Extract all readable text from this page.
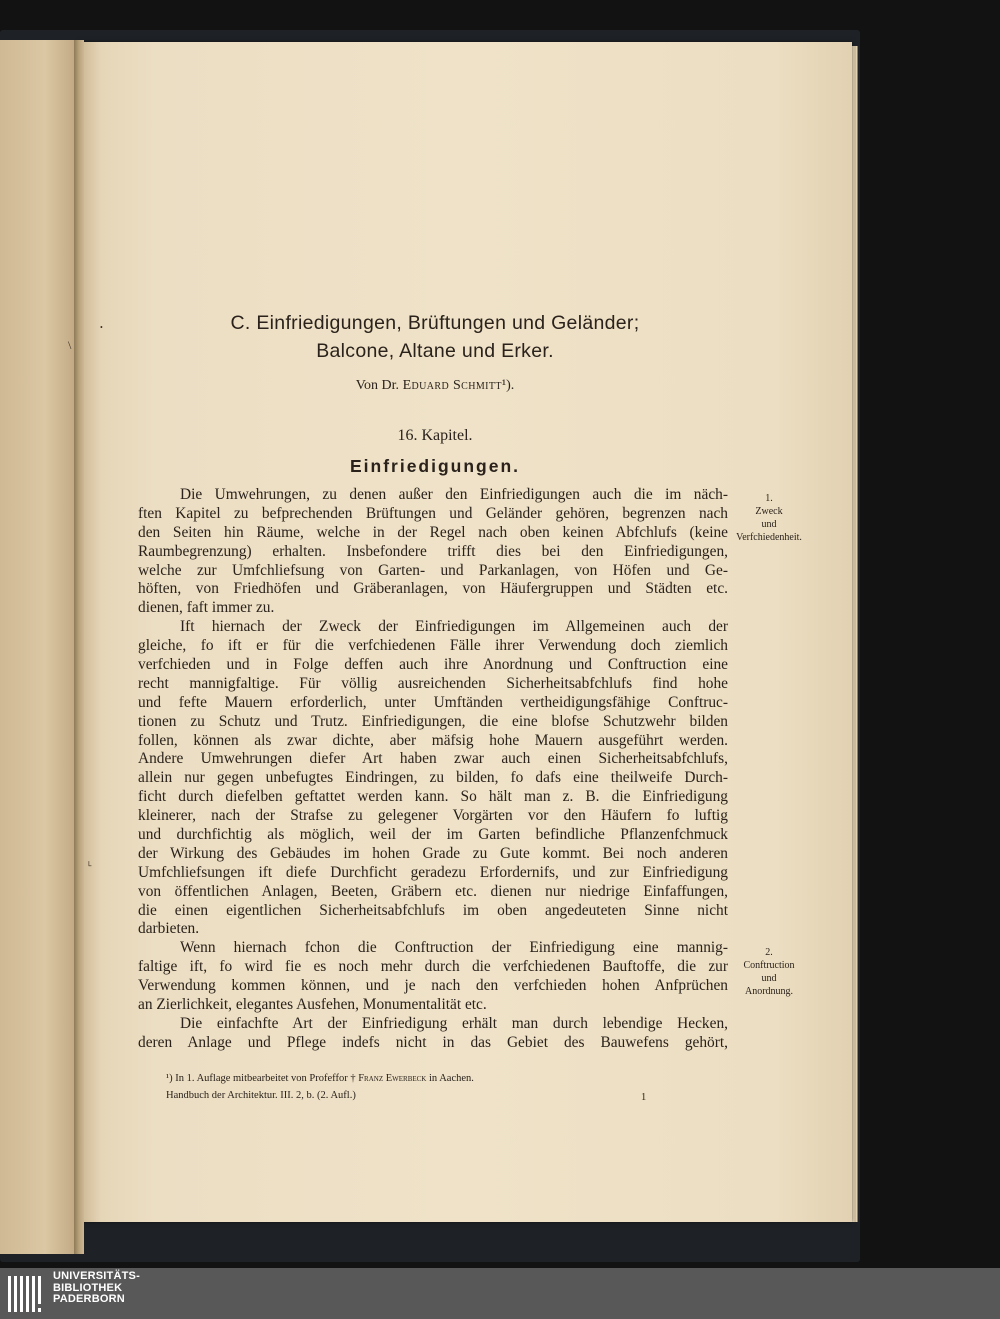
\
˪
•	C. Einfriedigungen, Brüftungen und Geländer;
Balcone, Altane und Erker.
Von Dr. Eduard Schmitt¹).
16. Kapitel.
Einfriedigungen.
Die Umwehrungen, zu denen außer den Einfriedigungen auch die im näch-
ften Kapitel zu befprechenden Brüftungen und Geländer gehören, begrenzen nach
den Seiten hin Räume, welche in der Regel nach oben keinen Abfchlufs (keine
Raumbegrenzung) erhalten. Insbefondere trifft dies bei den Einfriedigungen,
welche zur Umfchliefsung von Garten- und Parkanlagen, von Höfen und Ge-
höften, von Friedhöfen und Gräberanlagen, von Häufergruppen und Städten etc.
dienen, faft immer zu.
Ift hiernach der Zweck der Einfriedigungen im Allgemeinen auch der
gleiche, fo ift er für die verfchiedenen Fälle ihrer Verwendung doch ziemlich
verfchieden und in Folge deffen auch ihre Anordnung und Conftruction eine
recht mannigfaltige. Für völlig ausreichenden Sicherheitsabfchlufs find hohe
und fefte Mauern erforderlich, unter Umftänden vertheidigungsfähige Conftruc-
tionen zu Schutz und Trutz. Einfriedigungen, die eine blofse Schutzwehr bilden
follen, können als zwar dichte, aber mäfsig hohe Mauern ausgeführt werden.
Andere Umwehrungen diefer Art haben zwar auch einen Sicherheitsabfchlufs,
allein nur gegen unbefugtes Eindringen, zu bilden, fo dafs eine theilweife Durch-
ficht durch diefelben geftattet werden kann. So hält man z. B. die Einfriedigung
kleinerer, nach der Strafse zu gelegener Vorgärten vor den Häufern fo luftig
und durchfichtig als möglich, weil der im Garten befindliche Pflanzenfchmuck
der Wirkung des Gebäudes im hohen Grade zu Gute kommt. Bei noch anderen
Umfchliefsungen ift diefe Durchficht geradezu Erfordernifs, und zur Einfriedigung
von öffentlichen Anlagen, Beeten, Gräbern etc. dienen nur niedrige Einfaffungen,
die einen eigentlichen Sicherheitsabfchlufs im oben angedeuteten Sinne nicht
darbieten.
Wenn hiernach fchon die Conftruction der Einfriedigung eine mannig-
faltige ift, fo wird fie es noch mehr durch die verfchiedenen Bauftoffe, die zur
Verwendung kommen können, und je nach den verfchieden hohen Anfprüchen
an Zierlichkeit, elegantes Ausfehen, Monumentalität etc.
Die einfachfte Art der Einfriedigung erhält man durch lebendige Hecken,
deren Anlage und Pflege indefs nicht in das Gebiet des Bauwefens gehört,
1.
Zweck
und
Verfchiedenheit.
2.
Conftruction
und
Anordnung.
¹) In 1. Auflage mitbearbeitet von Profeffor † Franz Ewerbeck in Aachen.
Handbuch der Architektur. III. 2, b. (2. Aufl.)	1
UNIVERSITÄTS-
BIBLIOTHEK
PADERBORN
